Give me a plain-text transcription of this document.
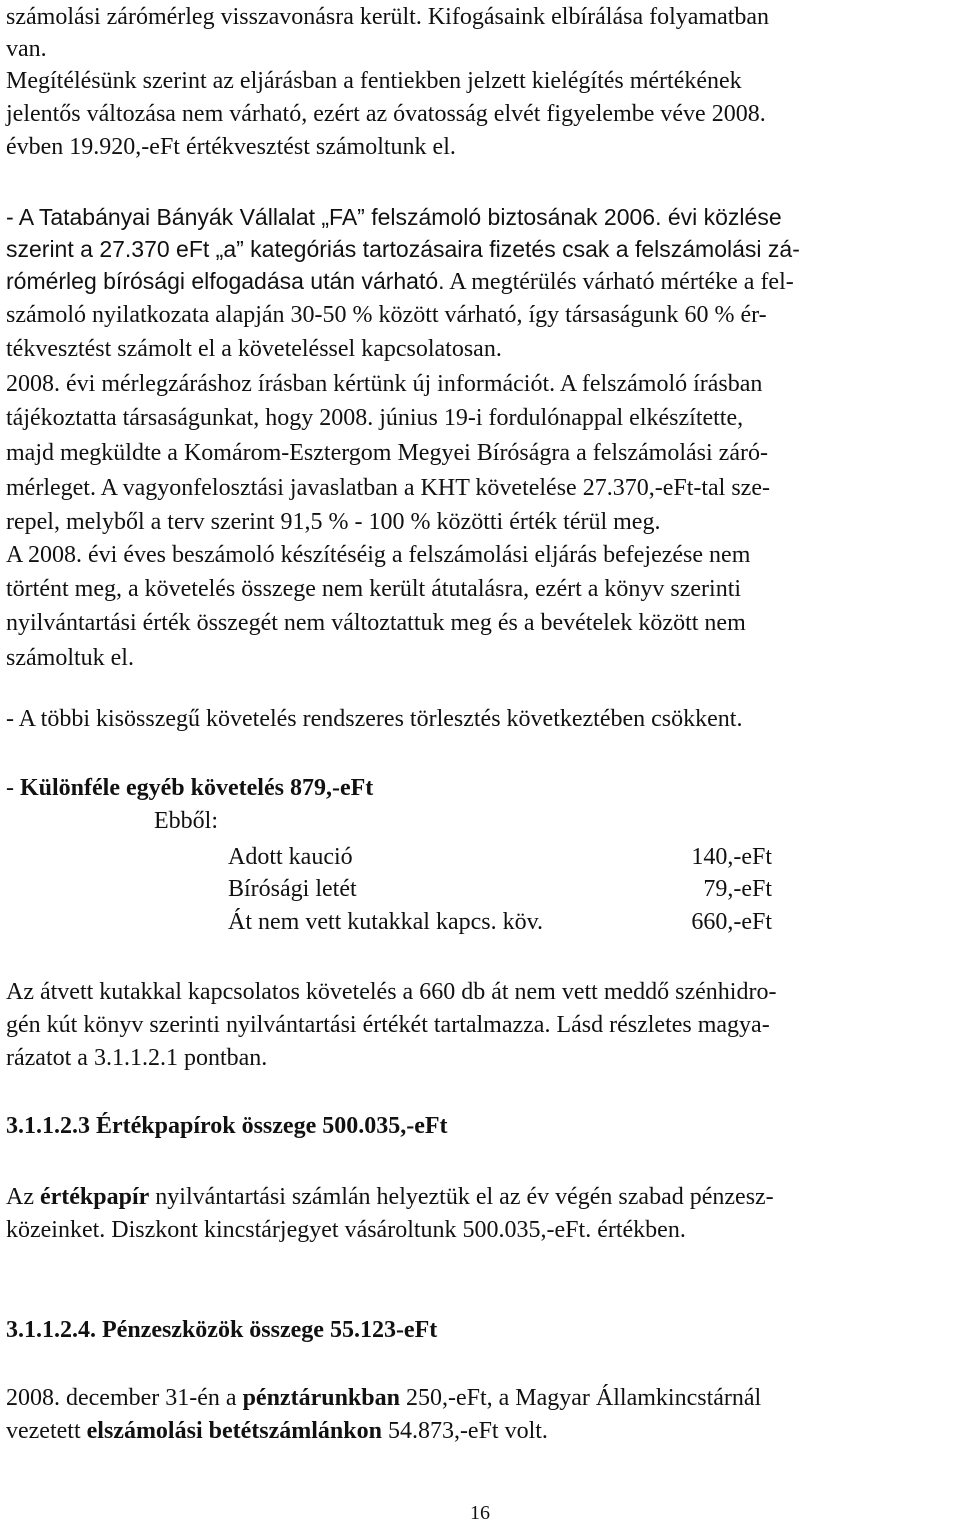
számolási zárómérleg visszavonásra került. Kifogásaink elbírálása folyamatban
van.
Megítélésünk szerint az eljárásban a fentiekben jelzett kielégítés mértékének
jelentős változása nem várható, ezért az óvatosság elvét figyelembe véve 2008.
évben 19.920,-eFt értékvesztést számoltunk el.
- A Tatabányai Bányák Vállalat „FA” felszámoló biztosának 2006. évi közlése
szerint a 27.370 eFt „a” kategóriás tartozásaira fizetés csak a felszámolási zá-
rómérleg bírósági elfogadása után várható. A megtérülés várható mértéke a fel-
számoló nyilatkozata alapján 30-50 % között várható, így társaságunk 60 % ér-
tékvesztést számolt el a követeléssel kapcsolatosan.
2008. évi mérlegzáráshoz írásban kértünk új információt. A felszámoló írásban
tájékoztatta társaságunkat, hogy 2008. június 19-i fordulónappal elkészítette,
majd megküldte a Komárom-Esztergom Megyei Bíróságra a felszámolási záró-
mérleget. A vagyonfelosztási javaslatban a KHT követelése 27.370,-eFt-tal sze-
repel, melyből a terv szerint 91,5 % - 100 % közötti érték térül meg.
A 2008. évi éves beszámoló készítéséig a felszámolási eljárás befejezése nem
történt meg, a követelés összege nem került átutalásra, ezért a könyv szerinti
nyilvántartási érték összegét nem változtattuk meg és a bevételek között nem
számoltuk el.
- A többi kisösszegű követelés rendszeres törlesztés következtében csökkent.
- Különféle egyéb követelés 879,-eFt
Ebből:
Adott kaució	140,-eFt
Bírósági letét	79,-eFt
Át nem vett kutakkal kapcs. köv.	660,-eFt
Az átvett kutakkal kapcsolatos követelés a 660 db át nem vett meddő szénhidro-
gén kút könyv szerinti nyilvántartási értékét tartalmazza. Lásd részletes magya-
rázatot a 3.1.1.2.1 pontban.
3.1.1.2.3 Értékpapírok összege 500.035,-eFt
Az értékpapír nyilvántartási számlán helyeztük el az év végén szabad pénzesz-
közeinket. Diszkont kincstárjegyet vásároltunk 500.035,-eFt. értékben.
3.1.1.2.4. Pénzeszközök összege 55.123-eFt
2008. december 31-én a pénztárunkban 250,-eFt, a Magyar Államkincstárnál
vezetett elszámolási betétszámlánkon 54.873,-eFt volt.
16
